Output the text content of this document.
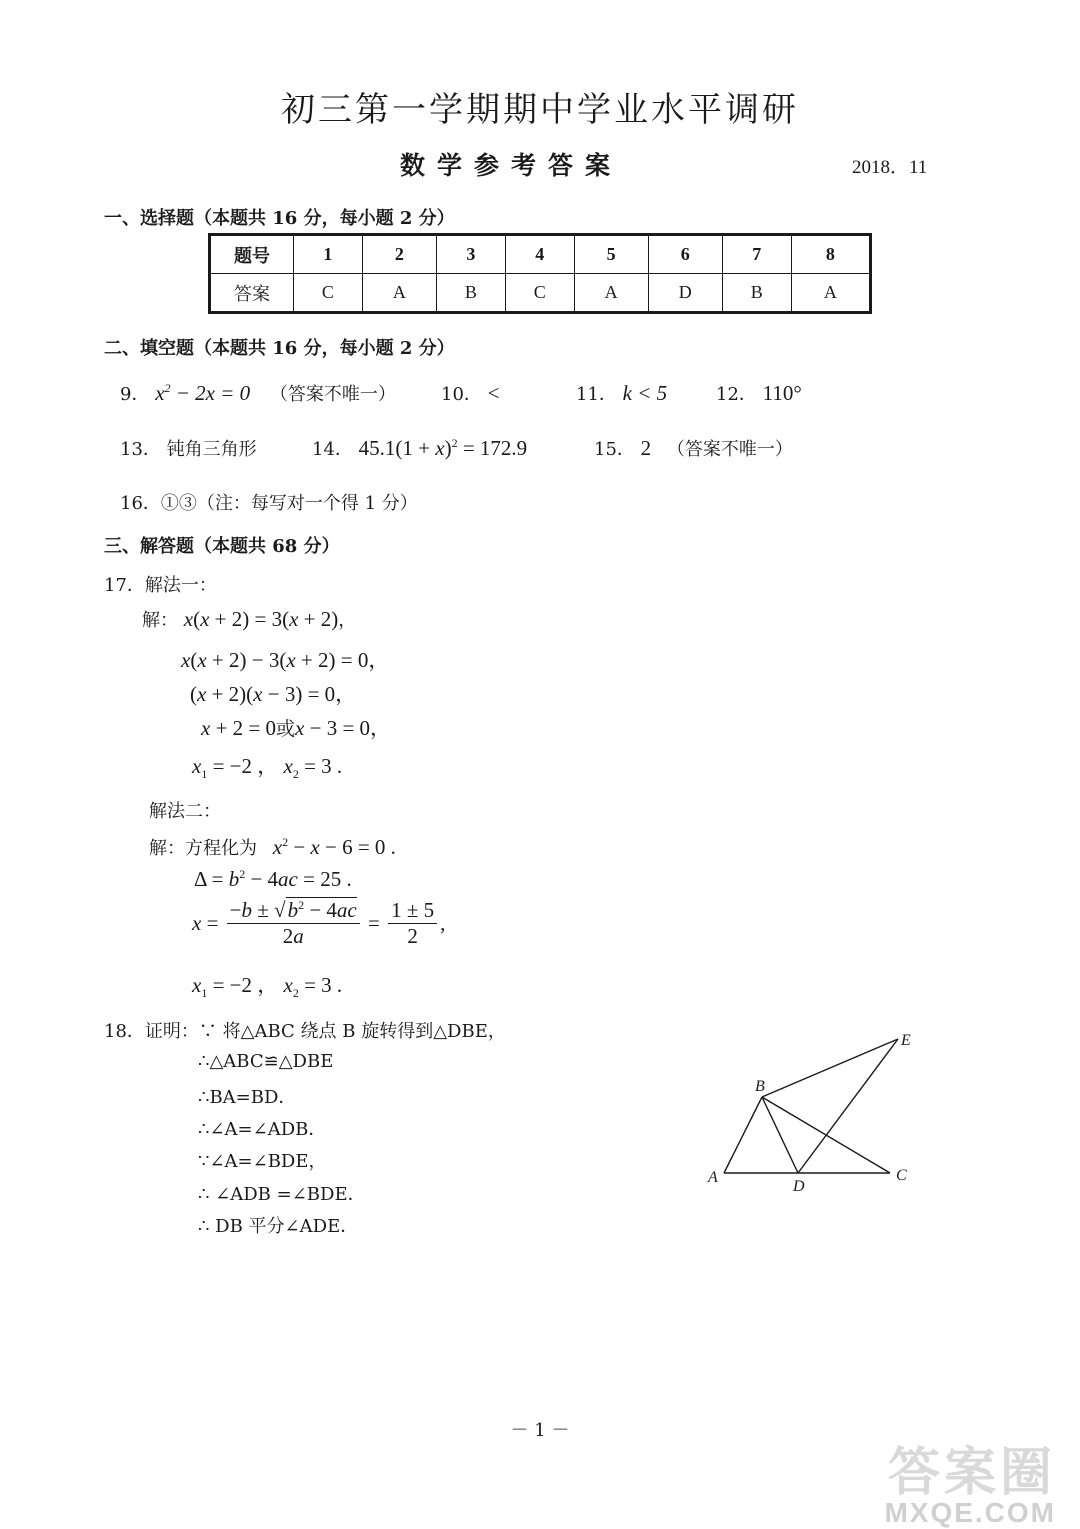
初三第一学期期中学业水平调研
数学参考答案	2018．11
一、选择题（本题共 16 分，每小题 2 分）
题号	1	2	3	4	5	6	7	8
答案	C	A	B	C	A	D	B	A
二、填空题（本题共 16 分，每小题 2 分）
9． $x^2 - 2x = 0$ （答案不唯一）	10． <	11． k < 5	12． 110°
13． 钝角三角形	14． $45.1(1 + x)^2 = 172.9$	15． 2 （答案不唯一）
16．①③（注：每写对一个得 1 分）
三、解答题（本题共 68 分）
17．解法一：
解： x(x + 2) = 3(x + 2)，
x(x + 2) − 3(x + 2) = 0，
(x + 2)(x − 3) = 0，
x + 2 = 0或x − 3 = 0，
$x_1 = -2$ ， $x_2 = 3$ .
解法二：
解：方程化为 $x^2 - x - 6 = 0$ .
$\Delta = b^2 - 4ac = 25$ .
$x = \frac{-b \pm √b^2 - 4ac}{2a} = \frac{1 \pm 5}{2}$ ,
$x_1 = -2$ ， $x_2 = 3$ .
18．证明：∵ 将△ABC 绕点 B 旋转得到△DBE，
∴△ABC≌△DBE
∴BA=BD．
∴∠A=∠ADB．
∵∠A=∠BDE，
∴ ∠ADB =∠BDE．
∴ DB 平分∠ADE．
A
B
C
D
E
－ 1 －
答案圈
MXQE.COM
